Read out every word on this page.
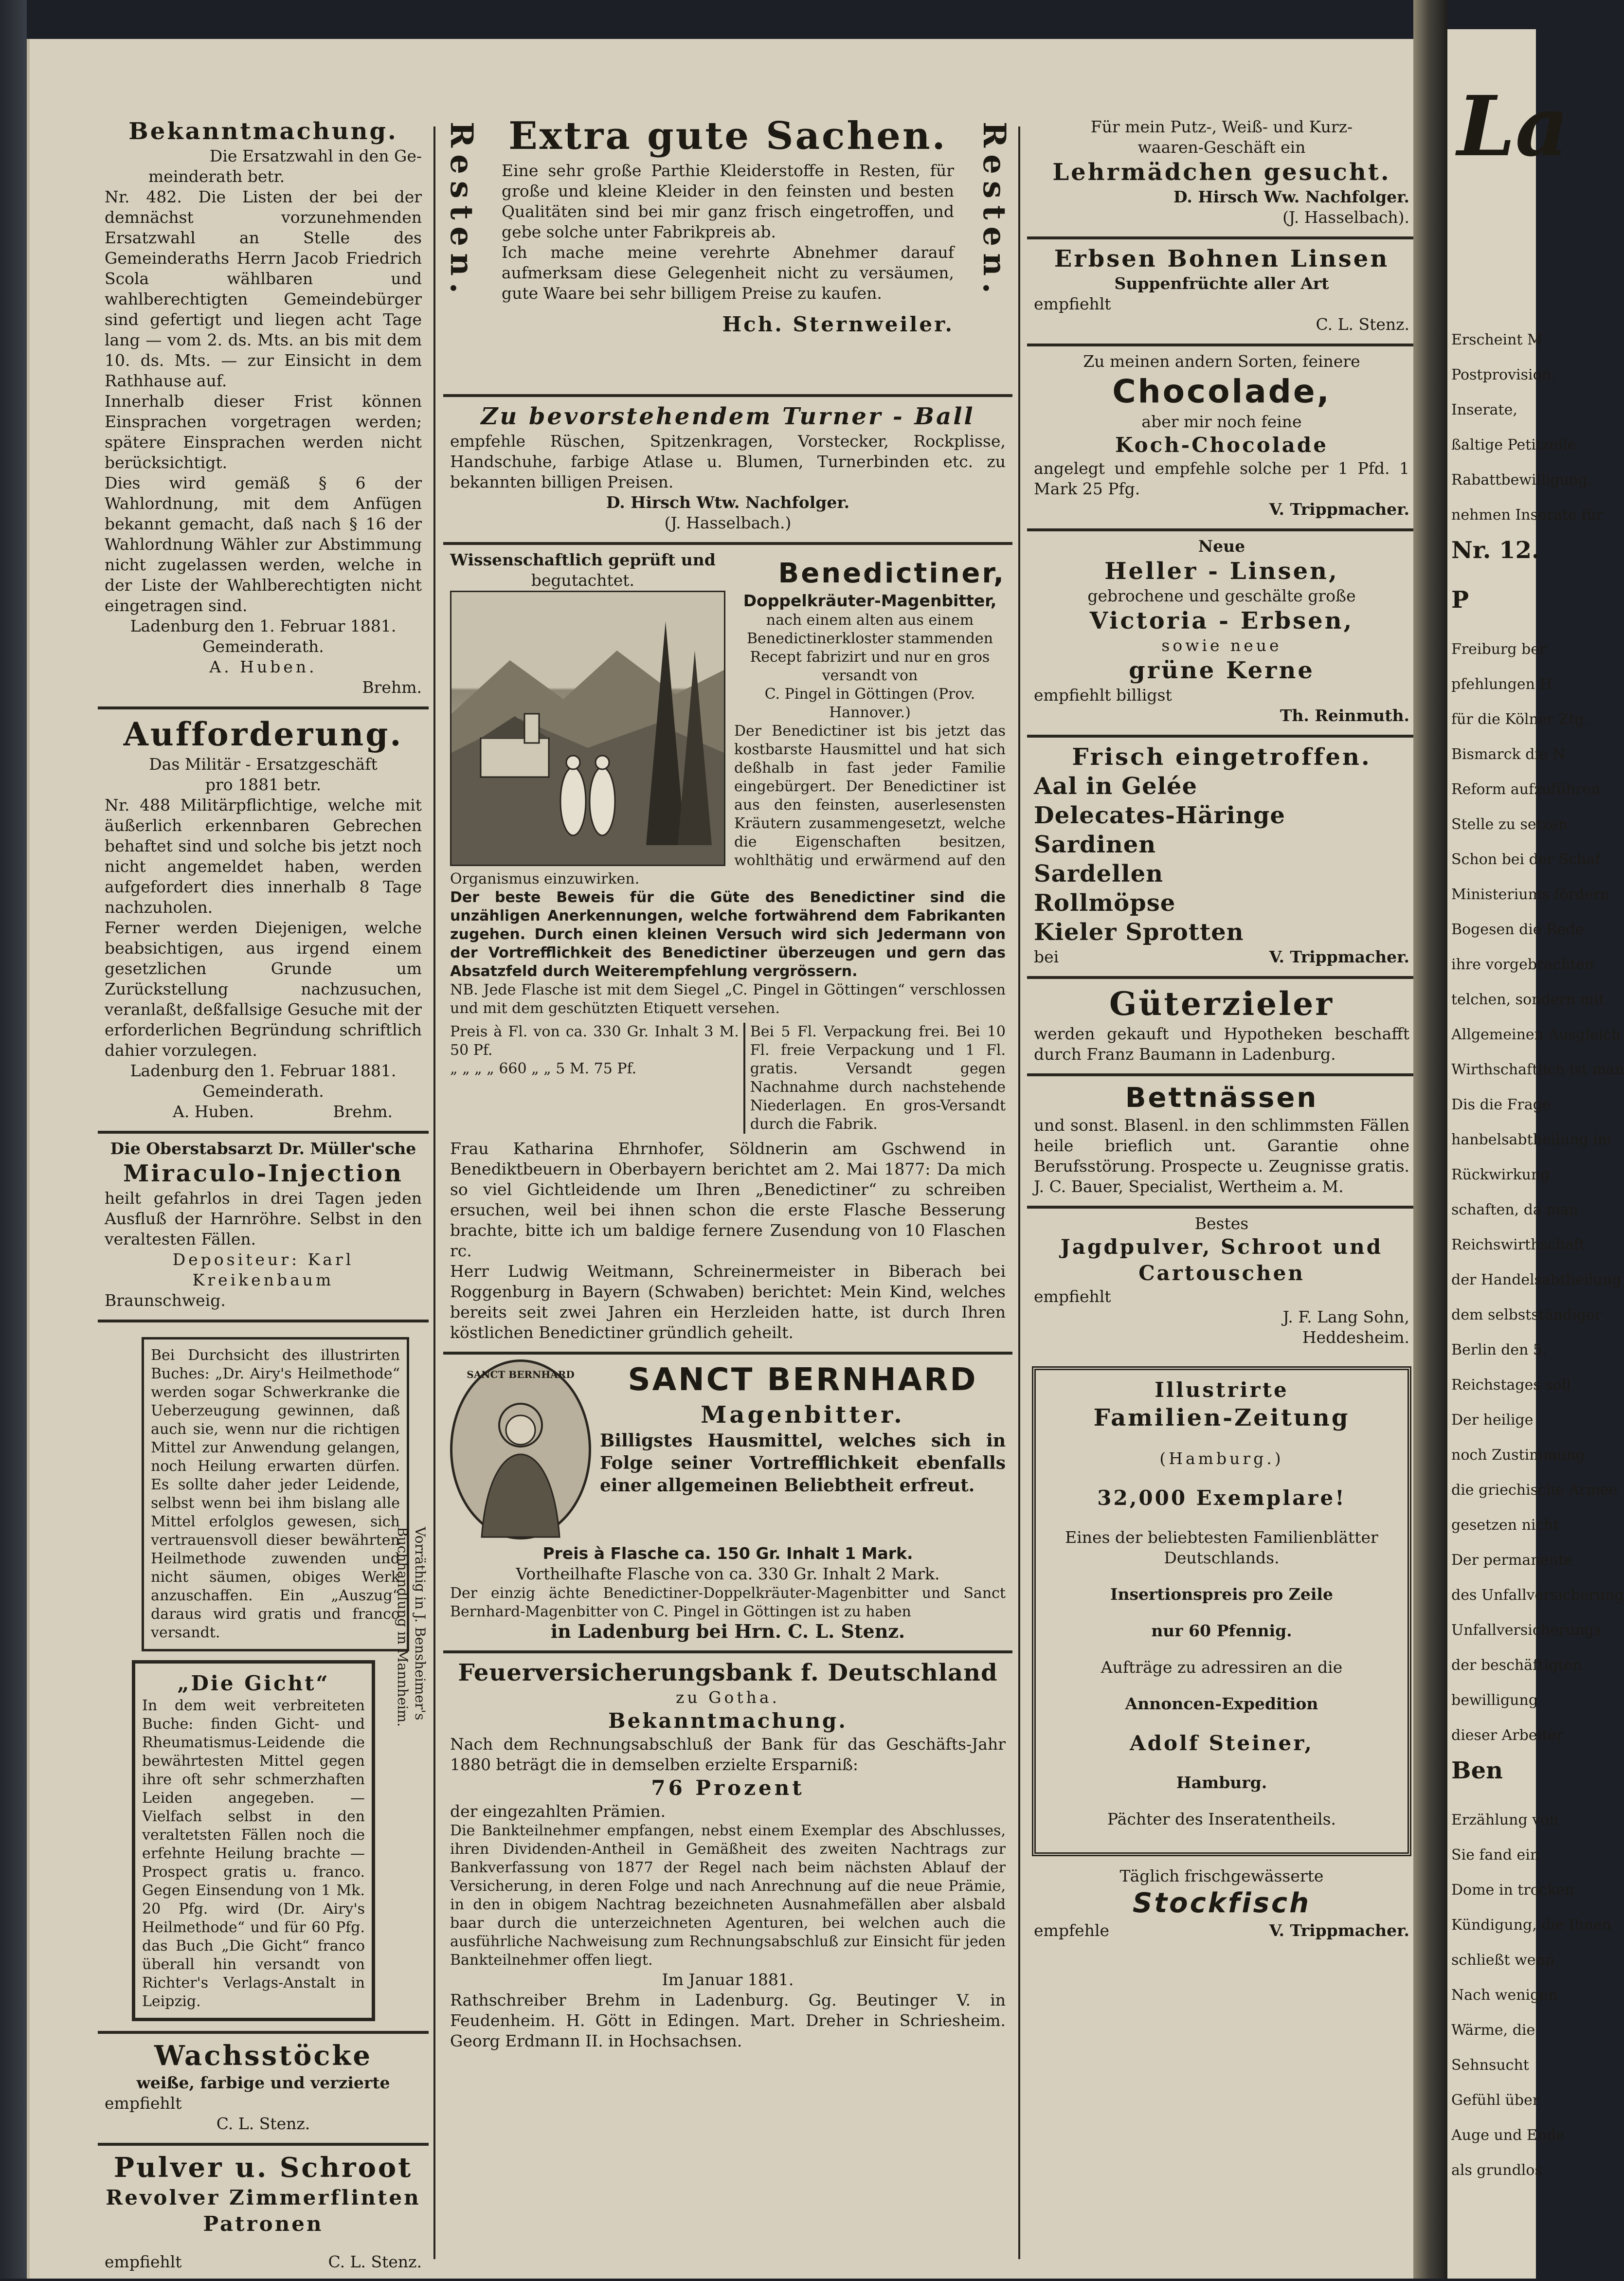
Bekanntmachung.

Die Ersatzwahl in den Ge-

meinderath betr.

Nr. 482. Die Listen der bei der demnächst vorzunehmenden Ersatzwahl an Stelle des Gemeinderaths Herrn Jacob Friedrich Scola wählbaren und wahlberechtigten Gemeindebürger sind gefertigt und liegen acht Tage lang — vom 2. ds. Mts. an bis mit dem 10. ds. Mts. — zur Einsicht in dem Rathhause auf.

Innerhalb dieser Frist können Einsprachen vorgetragen werden; spätere Einsprachen werden nicht berücksichtigt.

Dies wird gemäß § 6 der Wahlordnung, mit dem Anfügen bekannt gemacht, daß nach § 16 der Wahlordnung Wähler zur Abstimmung nicht zugelassen werden, welche in der Liste der Wahlberechtigten nicht eingetragen sind.

Ladenburg den 1. Februar 1881.

Gemeinderath.

A. Huben.

Brehm.

Aufforderung.

Das Militär - Ersatzgeschäft

pro 1881 betr.

Nr. 488 Militärpflichtige, welche mit äußerlich erkennbaren Gebrechen behaftet sind und solche bis jetzt noch nicht angemeldet haben, werden aufgefordert dies innerhalb 8 Tage nachzuholen.

Ferner werden Diejenigen, welche beabsichtigen, aus irgend einem gesetzlichen Grunde um Zurückstellung nachzusuchen, veranlaßt, deßfallsige Gesuche mit der erforderlichen Begründung schriftlich dahier vorzulegen.

Ladenburg den 1. Februar 1881.

Gemeinderath.

A. Huben.	Brehm.

Die Oberstabsarzt Dr. Müller'sche

Miraculo-Injection

heilt gefahrlos in drei Tagen jeden Ausfluß der Harnröhre. Selbst in den veraltesten Fällen.

Depositeur: Karl Kreikenbaum

Braunschweig.

Bei Durchsicht des illustrirten Buches: „Dr. Airy's Heilmethode“ werden sogar Schwerkranke die Ueberzeugung gewinnen, daß auch sie, wenn nur die richtigen Mittel zur Anwendung gelangen, noch Heilung erwarten dürfen. Es sollte daher jeder Leidende, selbst wenn bei ihm bislang alle Mittel erfolglos gewesen, sich vertrauensvoll dieser bewährten Heilmethode zuwenden und nicht säumen, obiges Werk anzuschaffen. Ein „Auszug“ daraus wird gratis und franco versandt.

„Die Gicht“

In dem weit verbreiteten Buche: finden Gicht- und Rheumatismus-Leidende die bewährtesten Mittel gegen ihre oft sehr schmerzhaften Leiden angegeben. — Vielfach selbst in den veraltetsten Fällen noch die erfehnte Heilung brachte — Prospect gratis u. franco. Gegen Einsendung von 1 Mk. 20 Pfg. wird (Dr. Airy's Heilmethode“ und für 60 Pfg. das Buch „Die Gicht“ franco überall hin versandt von Richter's Verlags-Anstalt in Leipzig.

Vorräthig in J. Bensheimer's Buchhandlung in Mannheim.
Wachsstöcke

weiße, farbige und verzierte

empfiehlt

C. L. Stenz.

Pulver u. Schroot
Revolver Zimmerflinten
Patronen
empfiehlt	C. L. Stenz.
Resten.	Resten.
Extra gute Sachen.

Eine sehr große Parthie Kleiderstoffe in Resten, für große und kleine Kleider in den feinsten und besten Qualitäten sind bei mir ganz frisch eingetroffen, und gebe solche unter Fabrikpreis ab.

Ich mache meine verehrte Abnehmer darauf aufmerksam diese Gelegenheit nicht zu versäumen, gute Waare bei sehr billigem Preise zu kaufen.

Hch. Sternweiler.

Zu bevorstehendem Turner - Ball

empfehle Rüschen, Spitzenkragen, Vorstecker, Rockplisse, Handschuhe, farbige Atlase u. Blumen, Turnerbinden etc. zu bekannten billigen Preisen.

D. Hirsch Wtw. Nachfolger.

(J. Hasselbach.)

Wissenschaftlich geprüft und

begutachtet.	Benedictiner,

Doppelkräuter-Magenbitter,

nach einem alten aus einem Benedictinerkloster stammenden Recept fabrizirt und nur en gros versandt von

C. Pingel in Göttingen (Prov. Hannover.)

Der Benedictiner ist bis jetzt das kostbarste Hausmittel und hat sich deßhalb in fast jeder Familie eingebürgert. Der Benedictiner ist aus den feinsten, auserlesensten Kräutern zusammengesetzt, welche die Eigenschaften besitzen, wohlthätig und erwärmend auf den Organismus einzuwirken.

Der beste Beweis für die Güte des Benedictiner sind die unzähligen Anerkennungen, welche fortwährend dem Fabrikanten zugehen. Durch einen kleinen Versuch wird sich Jedermann von der Vortrefflichkeit des Benedictiner überzeugen und gern das Absatzfeld durch Weiterempfehlung vergrössern.

NB. Jede Flasche ist mit dem Siegel „C. Pingel in Göttingen“ verschlossen und mit dem geschützten Etiquett versehen.

Preis à Fl. von ca. 330 Gr. Inhalt 3 M. 50 Pf.

„ „ „ „ 660 „ „ 5 M. 75 Pf.

Bei 5 Fl. Verpackung frei. Bei 10 Fl. freie Verpackung und 1 Fl. gratis. Versandt gegen Nachnahme durch nachstehende Niederlagen. En gros-Versandt durch die Fabrik.

Frau Katharina Ehrnhofer, Söldnerin am Gschwend in Benediktbeuern in Oberbayern berichtet am 2. Mai 1877: Da mich so viel Gichtleidende um Ihren „Benedictiner“ zu schreiben ersuchen, weil bei ihnen schon die erste Flasche Besserung brachte, bitte ich um baldige fernere Zusendung von 10 Flaschen rc.

Herr Ludwig Weitmann, Schreinermeister in Biberach bei Roggenburg in Bayern (Schwaben) berichtet: Mein Kind, welches bereits seit zwei Jahren ein Herzleiden hatte, ist durch Ihren köstlichen Benedictiner gründlich geheilt.

SANCT BERNHARD	SANCT BERNHARD
Magenbitter.

Billigstes Hausmittel, welches sich in Folge seiner Vortrefflichkeit ebenfalls einer allgemeinen Beliebtheit erfreut.

Preis à Flasche ca. 150 Gr. Inhalt 1 Mark.

Vortheilhafte Flasche von ca. 330 Gr. Inhalt 2 Mark.

Der einzig ächte Benedictiner-Doppelkräuter-Magenbitter und Sanct Bernhard-Magenbitter von C. Pingel in Göttingen ist zu haben

in Ladenburg bei Hrn. C. L. Stenz.

Feuerversicherungsbank f. Deutschland

zu Gotha.

Bekanntmachung.

Nach dem Rechnungsabschluß der Bank für das Geschäfts-Jahr 1880 beträgt die in demselben erzielte Ersparniß:

76 Prozent

der eingezahlten Prämien.

Die Bankteilnehmer empfangen, nebst einem Exemplar des Abschlusses, ihren Dividenden-Antheil in Gemäßheit des zweiten Nachtrags zur Bankverfassung von 1877 der Regel nach beim nächsten Ablauf der Versicherung, in deren Folge und nach Anrechnung auf die neue Prämie, in den in obigem Nachtrag bezeichneten Ausnahmefällen aber alsbald baar durch die unterzeichneten Agenturen, bei welchen auch die ausführliche Nachweisung zum Rechnungsabschluß zur Einsicht für jeden Bankteilnehmer offen liegt.

Im Januar 1881.

Rathschreiber Brehm in Ladenburg. Gg. Beutinger V. in Feudenheim. H. Gött in Edingen. Mart. Dreher in Schriesheim. Georg Erdmann II. in Hochsachsen.

Für mein Putz-, Weiß- und Kurz-

waaren-Geschäft ein

Lehrmädchen gesucht.

D. Hirsch Ww. Nachfolger.

(J. Hasselbach).

Erbsen Bohnen Linsen

Suppenfrüchte aller Art

empfiehlt

C. L. Stenz.

Zu meinen andern Sorten, feinere

Chocolade,

aber mir noch feine

Koch-Chocolade

angelegt und empfehle solche per 1 Pfd. 1 Mark 25 Pfg.

V. Trippmacher.

Neue

Heller - Linsen,

gebrochene und geschälte große

Victoria - Erbsen,

sowie neue

grüne Kerne

empfiehlt billigst

Th. Reinmuth.

Frisch eingetroffen.
Aal in Gelée
Delecates-Häringe
Sardinen
Sardellen
Rollmöpse
Kieler Sprotten
bei	V. Trippmacher.
Güterzieler

werden gekauft und Hypotheken beschafft durch Franz Baumann in Ladenburg.

Bettnässen

und sonst. Blasenl. in den schlimmsten Fällen heile brieflich unt. Garantie ohne Berufsstörung. Prospecte u. Zeugnisse gratis. J. C. Bauer, Specialist, Wertheim a. M.

Bestes

Jagdpulver, Schroot und
Cartouschen

empfiehlt

J. F. Lang Sohn,

Heddesheim.

Illustrirte
Familien-Zeitung

(Hamburg.)

32,000 Exemplare!

Eines der beliebtesten Familienblätter Deutschlands.

Insertionspreis pro Zeile

nur 60 Pfennig.

Aufträge zu adressiren an die

Annoncen-Expedition

Adolf Steiner,

Hamburg.

Pächter des Inseratentheils.

Täglich frischgewässerte

Stockfisch
empfehle	V. Trippmacher.
La
Erscheint M
Postprovision.
Inserate,
ßaltige Petitzeile
Rabattbewilligung.
nehmen Inserate für
Nr. 12.
P
Freiburg ber
pfehlungen H
für die Kölner Ztg.
Bismarck die N
Reform aufzuführen
Stelle zu setzen
Schon bei der Schaf
Ministeriums fördern
Bogesen die Rede
ihre vorgebrachten
telchen, sondern mit
Allgemeinen Ausgleich
Wirthschaftlich ist man
Dis die Frage
hanbelsabtheilung im
Rückwirkung
schaften, da man
Reichswirthschaft
der Handelsabtheilung
dem selbstständiger
Berlin den 5.
Reichstages soll
Der heilige
noch Zustimmung
die griechische Armee
gesetzen nicht
Der permanente
des Unfallversicherung
Unfallversicherungs
der beschäftigten
bewilligung
dieser Arbeiter
Ben
Erzählung von
Sie fand ein
Dome in trocken
Kündigung, die Ihnen
schließt wenn
Nach wenigen
Wärme, die
Sehnsucht
Gefühl über
Auge und Ende
als grundlos
